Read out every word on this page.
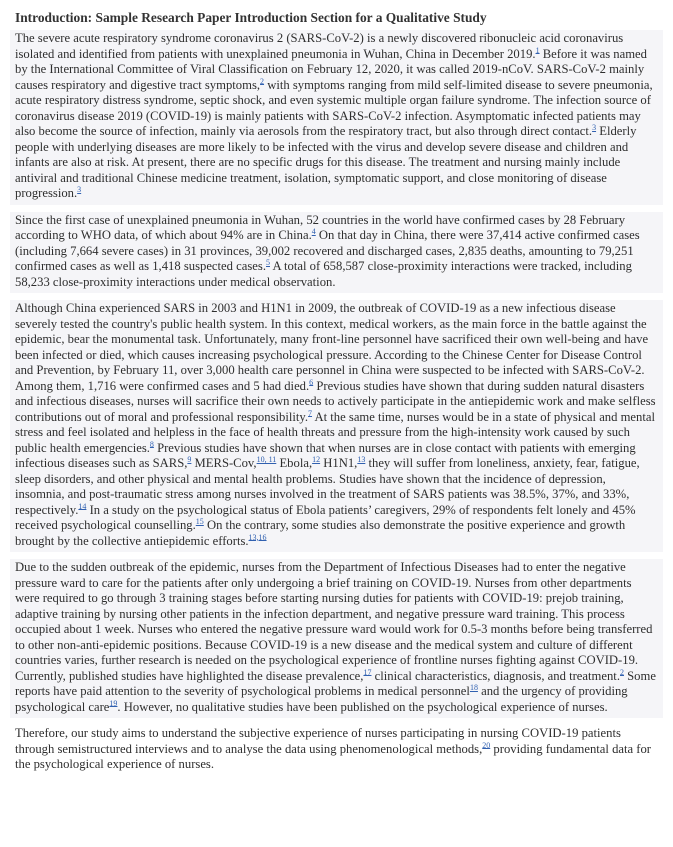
Introduction: Sample Research Paper Introduction Section for a Qualitative Study
The severe acute respiratory syndrome coronavirus 2 (SARS-CoV-2) is a newly discovered ribonucleic acid coronavirus isolated and identified from patients with unexplained pneumonia in Wuhan, China in December 2019.$^1$ Before it was named by the International Committee of Viral Classification on February 12, 2020, it was called 2019-nCoV. SARS-CoV-2 mainly causes respiratory and digestive tract symptoms,$^2$ with symptoms ranging from mild self-limited disease to severe pneumonia, acute respiratory distress syndrome, septic shock, and even systemic multiple organ failure syndrome. The infection source of coronavirus disease 2019 (COVID-19) is mainly patients with SARS-CoV-2 infection. Asymptomatic infected patients may also become the source of infection, mainly via aerosols from the respiratory tract, but also through direct contact.$^3$ Elderly people with underlying diseases are more likely to be infected with the virus and develop severe disease and children and infants are also at risk. At present, there are no specific drugs for this disease. The treatment and nursing mainly include antiviral and traditional Chinese medicine treatment, isolation, symptomatic support, and close monitoring of disease progression.$^3$
Since the first case of unexplained pneumonia in Wuhan, 52 countries in the world have confirmed cases by 28 February according to WHO data, of which about 94% are in China.$^4$ On that day in China, there were 37,414 active confirmed cases (including 7,664 severe cases) in 31 provinces, 39,002 recovered and discharged cases, 2,835 deaths, amounting to 79,251 confirmed cases as well as 1,418 suspected cases.$^5$ A total of 658,587 close-proximity interactions were tracked, including 58,233 close-proximity interactions under medical observation.
Although China experienced SARS in 2003 and H1N1 in 2009, the outbreak of COVID-19 as a new infectious disease severely tested the country's public health system. In this context, medical workers, as the main force in the battle against the epidemic, bear the monumental task. Unfortunately, many front-line personnel have sacrificed their own well-being and have been infected or died, which causes increasing psychological pressure. According to the Chinese Center for Disease Control and Prevention, by February 11, over 3,000 health care personnel in China were suspected to be infected with SARS-CoV-2. Among them, 1,716 were confirmed cases and 5 had died.$^6$ Previous studies have shown that during sudden natural disasters and infectious diseases, nurses will sacrifice their own needs to actively participate in the antiepidemic work and make selfless contributions out of moral and professional responsibility.$^7$ At the same time, nurses would be in a state of physical and mental stress and feel isolated and helpless in the face of health threats and pressure from the high-intensity work caused by such public health emergencies.$^8$ Previous studies have shown that when nurses are in close contact with patients with emerging infectious diseases such as SARS,$^9$ MERS-Cov,$^{10, 11}$ Ebola,$^{12}$ H1N1,13 they will suffer from loneliness, anxiety, fear, fatigue, sleep disorders, and other physical and mental health problems. Studies have shown that the incidence of depression, insomnia, and post-traumatic stress among nurses involved in the treatment of SARS patients was 38.5%, 37%, and 33%, respectively.$^{14}$ In a study on the psychological status of Ebola patients’ caregivers, 29% of respondents felt lonely and 45% received psychological counselling.$^{15}$ On the contrary, some studies also demonstrate the positive experience and growth brought by the collective antiepidemic efforts.$^{13,16}$
Due to the sudden outbreak of the epidemic, nurses from the Department of Infectious Diseases had to enter the negative pressure ward to care for the patients after only undergoing a brief training on COVID-19. Nurses from other departments were required to go through 3 training stages before starting nursing duties for patients with COVID-19: prejob training, adaptive training by nursing other patients in the infection department, and negative pressure ward training. This process occupied about 1 week. Nurses who entered the negative pressure ward would work for 0.5-3 months before being transferred to other non-anti-epidemic positions. Because COVID-19 is a new disease and the medical system and culture of different countries varies, further research is needed on the psychological experience of frontline nurses fighting against COVID-19. Currently, published studies have highlighted the disease prevalence,$^{17}$ clinical characteristics, diagnosis, and treatment.$^2$ Some reports have paid attention to the severity of psychological problems in medical personnel$^{18}$ and the urgency of providing psychological care$^{19}$. However, no qualitative studies have been published on the psychological experience of nurses.
Therefore, our study aims to understand the subjective experience of nurses participating in nursing COVID-19 patients through semistructured interviews and to analyse the data using phenomenological methods,$^{20}$ providing fundamental data for the psychological experience of nurses.
